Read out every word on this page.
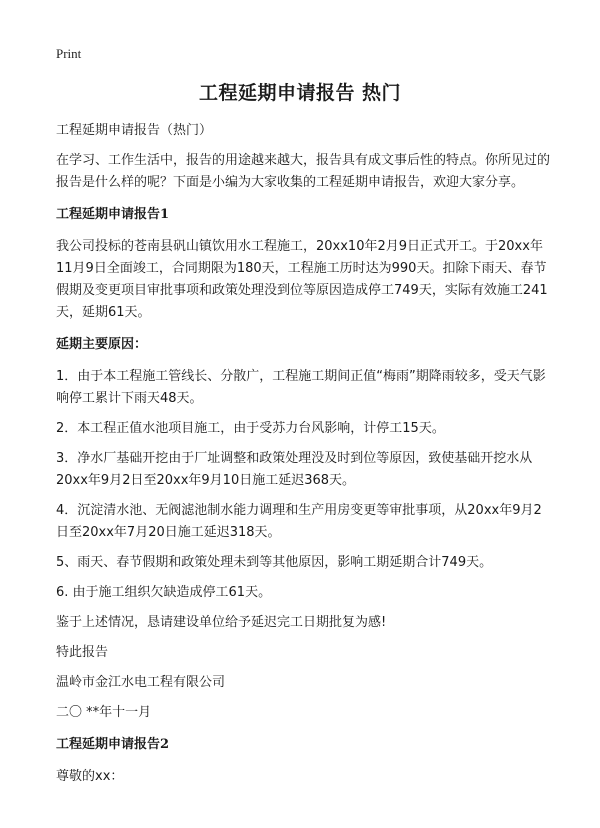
Print
工程延期申请报告 热门

工程延期申请报告（热门）

在学习、工作生活中，报告的用途越来越大，报告具有成文事后性的特点。你所见过的报告是什么样的呢？下面是小编为大家收集的工程延期申请报告，欢迎大家分享。

工程延期申请报告1

我公司投标的苍南县矾山镇饮用水工程施工，20xx10年2月9日正式开工。于20xx年11月9日全面竣工，合同期限为180天，工程施工历时达为990天。扣除下雨天、春节假期及变更项目审批事项和政策处理没到位等原因造成停工749天，实际有效施工241天，延期61天。

延期主要原因：

1．由于本工程施工管线长、分散广，工程施工期间正值“梅雨”期降雨较多，受天气影响停工累计下雨天48天。

2．本工程正值水池项目施工，由于受苏力台风影响，计停工15天。

3．净水厂基础开挖由于厂址调整和政策处理没及时到位等原因，致使基础开挖水从20xx年9月2日至20xx年9月10日施工延迟368天。

4．沉淀清水池、无阀滤池制水能力调理和生产用房变更等审批事项，从20xx年9月2日至20xx年7月20日施工延迟318天。

5、雨天、春节假期和政策处理未到等其他原因，影响工期延期合计749天。

6. 由于施工组织欠缺造成停工61天。

鉴于上述情况，恳请建设单位给予延迟完工日期批复为感!

特此报告

温岭市金江水电工程有限公司

二〇 **年十一月

工程延期申请报告2

尊敬的xx：
